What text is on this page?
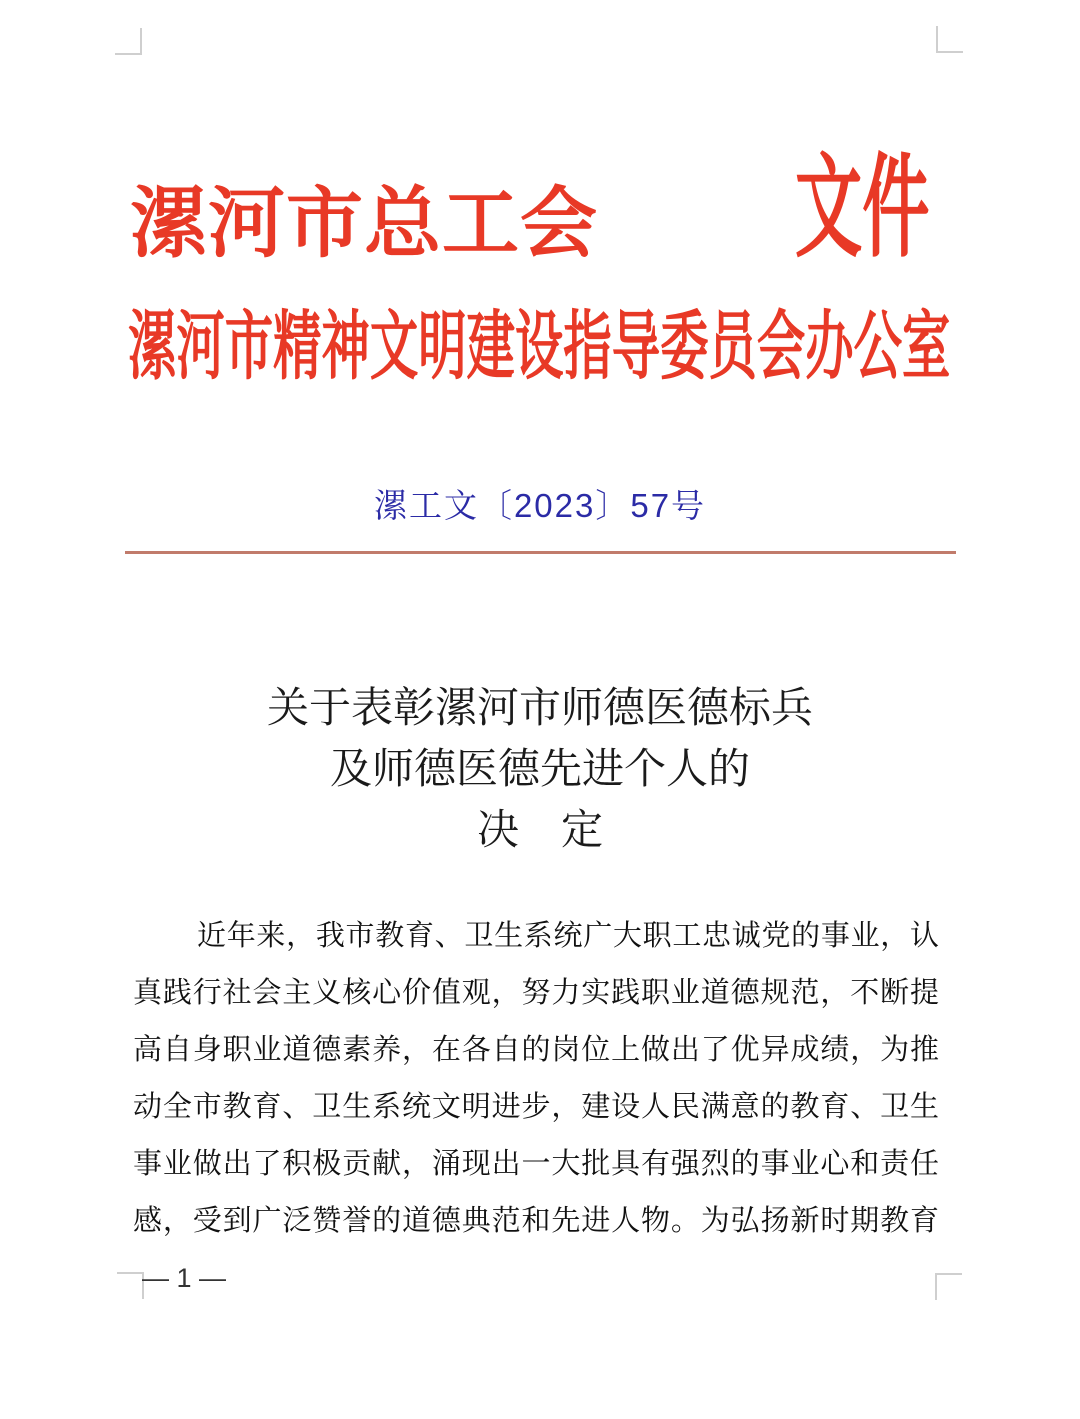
漯河市总工会 文件
漯河市精神文明建设指导委员会办公室
漯工文〔2023〕57号
关于表彰漯河市师德医德标兵
及师德医德先进个人的
决　定
近年来，我市教育、卫生系统广大职工忠诚党的事业，认
真践行社会主义核心价值观，努力实践职业道德规范，不断提
高自身职业道德素养，在各自的岗位上做出了优异成绩，为推
动全市教育、卫生系统文明进步，建设人民满意的教育、卫生
事业做出了积极贡献，涌现出一大批具有强烈的事业心和责任
感，受到广泛赞誉的道德典范和先进人物。为弘扬新时期教育
— 1 —
